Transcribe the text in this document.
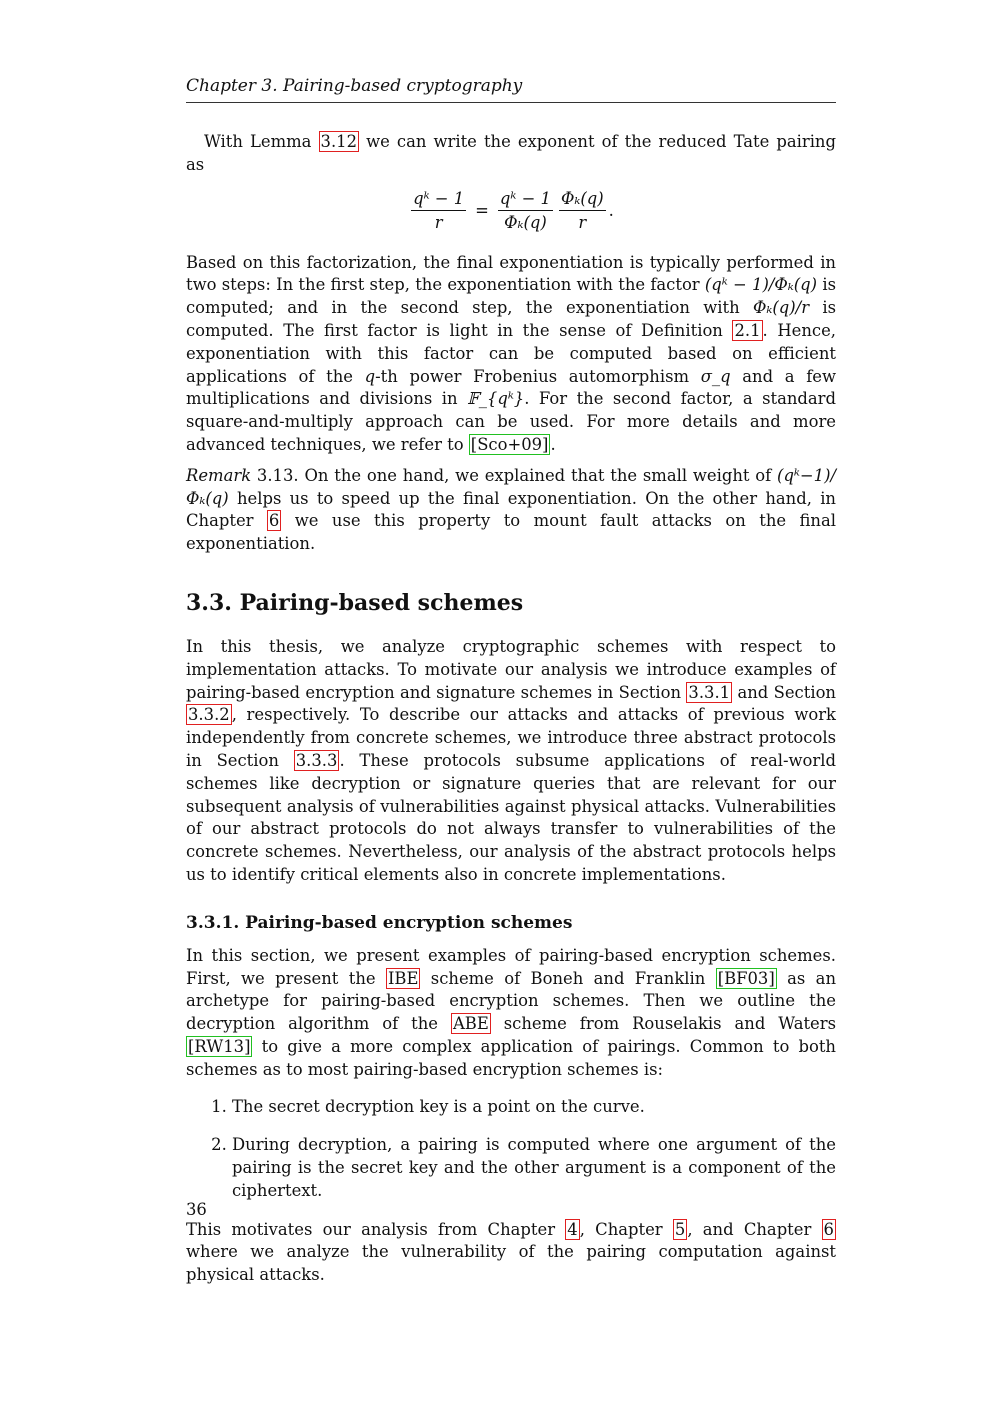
Chapter 3. Pairing-based cryptography

With Lemma 3.12 we can write the exponent of the reduced Tate pairing as

$\frac{\text{qᵏ − 1}}{r} = \frac{\text{qᵏ − 1}}{\text{Φₖ(q)}} \frac{\text{Φₖ(q)}}{r}$ .

Based on this factorization, the final exponentiation is typically performed in two steps: In the first step, the exponentiation with the factor (qᵏ − 1)/Φₖ(q) is computed; and in the second step, the exponentiation with Φₖ(q)/r is computed. The first factor is light in the sense of Definition 2.1 . Hence, exponentiation with this factor can be computed based on efficient applications of the q-th power Frobenius automorphism σ_q and a few multiplications and divisions in 𝔽_{qᵏ}. For the second factor, a standard square-and-multiply approach can be used. For more details and more advanced techniques, we refer to [Sco+09] .

Remark 3.13. On the one hand, we explained that the small weight of (qᵏ−1)/Φₖ(q) helps us to speed up the final exponentiation. On the other hand, in Chapter 6 we use this property to mount fault attacks on the final exponentiation.

3.3. Pairing-based schemes

In this thesis, we analyze cryptographic schemes with respect to implementation attacks. To motivate our analysis we introduce examples of pairing-based encryption and signature schemes in Section 3.3.1 and Section 3.3.2 , respectively. To describe our attacks and attacks of previous work independently from concrete schemes, we introduce three abstract protocols in Section 3.3.3 . These protocols subsume applications of real-world schemes like decryption or signature queries that are relevant for our subsequent analysis of vulnerabilities against physical attacks. Vulnerabilities of our abstract protocols do not always transfer to vulnerabilities of the concrete schemes. Nevertheless, our analysis of the abstract protocols helps us to identify critical elements also in concrete implementations.

3.3.1. Pairing-based encryption schemes

In this section, we present examples of pairing-based encryption schemes. First, we present the IBE scheme of Boneh and Franklin [BF03] as an archetype for pairing-based encryption schemes. Then we outline the decryption algorithm of the ABE scheme from Rouselakis and Waters [RW13] to give a more complex application of pairings. Common to both schemes as to most pairing-based encryption schemes is:

1. The secret decryption key is a point on the curve.
2. During decryption, a pairing is computed where one argument of the pairing is the secret key and the other argument is a component of the ciphertext.

This motivates our analysis from Chapter 4 , Chapter 5 , and Chapter 6 where we analyze the vulnerability of the pairing computation against physical attacks.

36
